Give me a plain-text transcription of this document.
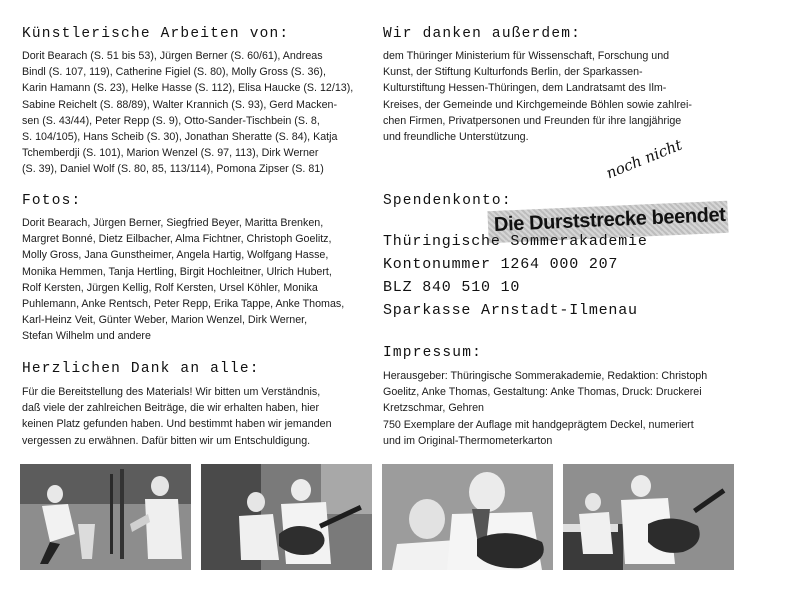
Künstlerische Arbeiten von:
Dorit Bearach (S. 51 bis 53), Jürgen Berner (S. 60/61), Andreas
Bindl (S. 107, 119), Catherine Figiel (S. 80), Molly Gross (S. 36),
Karin Hamann (S. 23), Helke Hasse (S. 112), Elisa Haucke (S. 12/13),
Sabine Reichelt (S. 88/89), Walter Krannich (S. 93), Gerd Macken-
sen (S. 43/44), Peter Repp (S. 9), Otto-Sander-Tischbein (S. 8,
S. 104/105), Hans Scheib (S. 30), Jonathan Sheratte (S. 84), Katja
Tchemberdji (S. 101), Marion Wenzel (S. 97, 113), Dirk Werner
(S. 39), Daniel Wolf (S. 80, 85, 113/114), Pomona Zipser (S. 81)
Fotos:
Dorit Bearach, Jürgen Berner, Siegfried Beyer, Maritta Brenken,
Margret Bonné, Dietz Eilbacher, Alma Fichtner, Christoph Goelitz,
Molly Gross, Jana Gunstheimer, Angela Hartig, Wolfgang Hasse,
Monika Hemmen, Tanja Hertling, Birgit Hochleitner, Ulrich Hubert,
Rolf Kersten, Jürgen Kellig, Rolf Kersten, Ursel Köhler, Monika
Puhlemann, Anke Rentsch, Peter Repp, Erika Tappe, Anke Thomas,
Karl-Heinz Veit, Günter Weber, Marion Wenzel, Dirk Werner,
Stefan Wilhelm und andere
Herzlichen Dank an alle:
Für die Bereitstellung des Materials! Wir bitten um Verständnis,
daß viele der zahlreichen Beiträge, die wir erhalten haben, hier
keinen Platz gefunden haben. Und bestimmt haben wir jemanden
vergessen zu erwähnen. Dafür bitten wir um Entschuldigung.
Wir danken außerdem:
dem Thüringer Ministerium für Wissenschaft, Forschung und
Kunst, der Stiftung Kulturfonds Berlin, der Sparkassen-
Kulturstiftung Hessen-Thüringen, dem Landratsamt des Ilm-
Kreises, der Gemeinde und Kirchgemeinde Böhlen sowie zahlrei-
chen Firmen, Privatpersonen und Freunden für ihre langjährige
und freundliche Unterstützung.
Spendenkonto:
noch nicht
Die Durststrecke beendet
Thüringische Sommerakademie
Kontonummer 1264 000 207
BLZ 840 510 10
Sparkasse Arnstadt-Ilmenau
Impressum:
Herausgeber: Thüringische Sommerakademie, Redaktion: Christoph
Goelitz, Anke Thomas, Gestaltung: Anke Thomas, Druck: Druckerei
Kretzschmar, Gehren
750 Exemplare der Auflage mit handgeprägtem Deckel, numeriert
und im Original-Thermometerkarton
